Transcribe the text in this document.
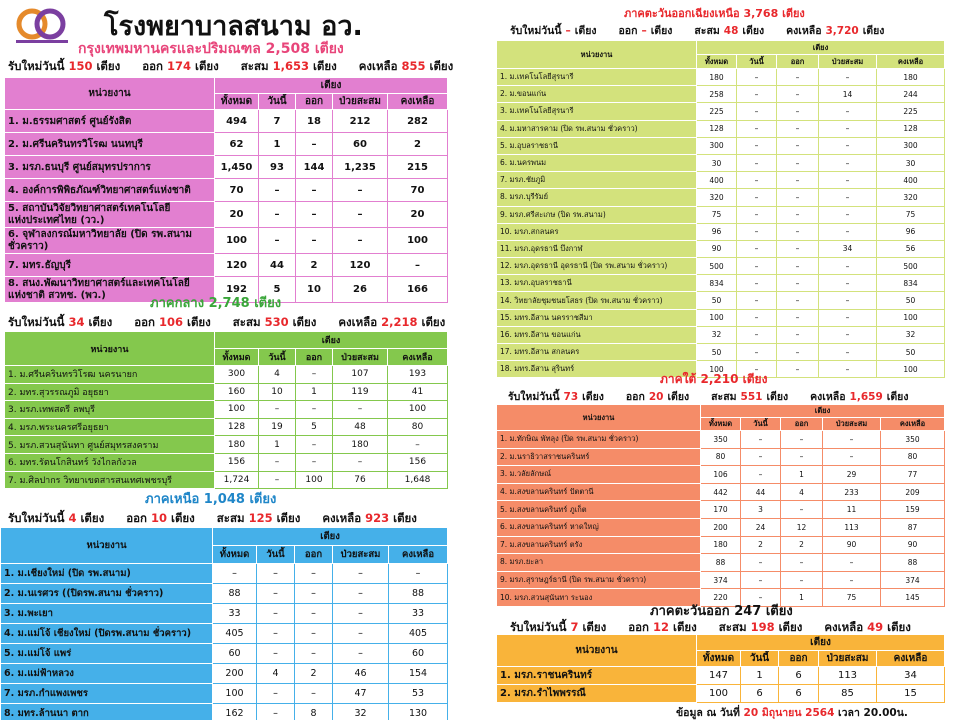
โรงพยาบาลสนาม อว.
กรุงเทพมหานครและปริมณฑล 2,508 เตียง
รับใหม่วันนี้ 150 เตียง ออก 174 เตียง สะสม 1,653 เตียง คงเหลือ 855 เตียง
หน่วยงาน	เตียง				
	ทั้งหมด	วันนี้	ออก	ป่วยสะสม	คงเหลือ
1. ม.ธรรมศาสตร์ ศูนย์รังสิต	494	7	18	212	282
2. ม.ศรีนครินทรวิโรฒ นนทบุรี	62	1	–	60	2
3. มรภ.ธนบุรี ศูนย์สมุทรปราการ	1,450	93	144	1,235	215
4. องค์การพิพิธภัณฑ์วิทยาศาสตร์แห่งชาติ	70	–	–	–	70
5. สถาบันวิจัยวิทยาศาสตร์เทคโนโลยี
แห่งประเทศไทย (วว.)	20	–	–	–	20
6. จุฬาลงกรณ์มหาวิทยาลัย (ปิด รพ.สนาม
ชั่วคราว)	100	–	–	–	100
7. มทร.ธัญบุรี	120	44	2	120	–
8. สนง.พัฒนาวิทยาศาสตร์และเทคโนโลยี
แห่งชาติ สวทช. (พว.)	192	5	10	26	166
ภาคกลาง 2,748 เตียง
รับใหม่วันนี้ 34 เตียง ออก 106 เตียง สะสม 530 เตียง คงเหลือ 2,218 เตียง
หน่วยงาน	เตียง				
	ทั้งหมด	วันนี้	ออก	ป่วยสะสม	คงเหลือ
1. ม.ศรีนครินทรวิโรฒ นครนายก	300	4	–	107	193
2. มทร.สุวรรณภูมิ อยุธยา	160	10	1	119	41
3. มรภ.เทพสตรี ลพบุรี	100	–	–	–	100
4. มรภ.พระนครศรีอยุธยา	128	19	5	48	80
5. มรภ.สวนสุนันทา ศูนย์สมุทรสงคราม	180	1	–	180	–
6. มทร.รัตนโกสินทร์ วังไกลกังวล	156	–	–	–	156
7. ม.ศิลปากร วิทยาเขตสารสนเทศเพชรบุรี	1,724	–	100	76	1,648
ภาคเหนือ 1,048 เตียง
รับใหม่วันนี้ 4 เตียง ออก 10 เตียง สะสม 125 เตียง คงเหลือ 923 เตียง
หน่วยงาน	เตียง				
	ทั้งหมด	วันนี้	ออก	ป่วยสะสม	คงเหลือ
1. ม.เชียงใหม่ (ปิด รพ.สนาม)	–	–	–	–	–
2. ม.นเรศวร ((ปิดรพ.สนาม ชั่วคราว)	88	–	–	–	88
3. ม.พะเยา	33	–	–	–	33
4. ม.แม่โจ้ เชียงใหม่ (ปิดรพ.สนาม ชั่วคราว)	405	–	–	–	405
5. ม.แม่โจ้ แพร่	60	–	–	–	60
6. ม.แม่ฟ้าหลวง	200	4	2	46	154
7. มรภ.กำแพงเพชร	100	–	–	47	53
8. มทร.ล้านนา ตาก	162	–	8	32	130
ภาคตะวันออกเฉียงเหนือ 3,768 เตียง
รับใหม่วันนี้ – เตียง ออก – เตียง สะสม 48 เตียง คงเหลือ 3,720 เตียง
หน่วยงาน	เตียง				
	ทั้งหมด	วันนี้	ออก	ป่วยสะสม	คงเหลือ
1. ม.เทคโนโลยีสุรนารี	180	–	–	–	180
2. ม.ขอนแก่น	258	–	–	14	244
3. ม.เทคโนโลยีสุรนารี	225	–	–	–	225
4. ม.มหาสารคาม (ปิด รพ.สนาม ชั่วคราว)	128	–	–	–	128
5. ม.อุบลราชธานี	300	–	–	–	300
6. ม.นครพนม	30	–	–	–	30
7. มรภ.ชัยภูมิ	400	–	–	–	400
8. มรภ.บุรีรัมย์	320	–	–	–	320
9. มรภ.ศรีสะเกษ (ปิด รพ.สนาม)	75	–	–	–	75
10. มรภ.สกลนคร	96	–	–	–	96
11. มรภ.อุดรธานี บึงกาฬ	90	–	–	34	56
12. มรภ.อุดรธานี อุดรธานี (ปิด รพ.สนาม ชั่วคราว)	500	–	–	–	500
13. มรภ.อุบลราชธานี	834	–	–	–	834
14. วิทยาลัยชุมชนยโสธร (ปิด รพ.สนาม ชั่วคราว)	50	–	–	–	50
15. มทร.อีสาน นครราชสีมา	100	–	–	–	100
16. มทร.อีสาน ขอนแก่น	32	–	–	–	32
17. มทร.อีสาน สกลนคร	50	–	–	–	50
18. มทร.อีสาน สุรินทร์	100	–	–	–	100
ภาคใต้ 2,210 เตียง
รับใหม่วันนี้ 73 เตียง ออก 20 เตียง สะสม 551 เตียง คงเหลือ 1,659 เตียง
หน่วยงาน	เตียง				
	ทั้งหมด	วันนี้	ออก	ป่วยสะสม	คงเหลือ
1. ม.ทักษิณ พัทลุง (ปิด รพ.สนาม ชั่วคราว)	350	–	–	–	350
2. ม.นราธิวาสราชนครินทร์	80	–	–	–	80
3. ม.วลัยลักษณ์	106	–	1	29	77
4. ม.สงขลานครินทร์ ปัตตานี	442	44	4	233	209
5. ม.สงขลานครินทร์ ภูเก็ต	170	3	–	11	159
6. ม.สงขลานครินทร์ หาดใหญ่	200	24	12	113	87
7. ม.สงขลานครินทร์ ตรัง	180	2	2	90	90
8. มรภ.ยะลา	88	–	–	–	88
9. มรภ.สุราษฎร์ธานี (ปิด รพ.สนาม ชั่วคราว)	374	–	–	–	374
10. มรภ.สวนสุนันทา ระนอง	220	–	1	75	145
ภาคตะวันออก 247 เตียง
รับใหม่วันนี้ 7 เตียง ออก 12 เตียง สะสม 198 เตียง คงเหลือ 49 เตียง
หน่วยงาน	เตียง				
	ทั้งหมด	วันนี้	ออก	ป่วยสะสม	คงเหลือ
1. มรภ.ราชนครินทร์	147	1	6	113	34
2. มรภ.รำไพพรรณี	100	6	6	85	15
ข้อมูล ณ วันที่ 20 มิถุนายน 2564 เวลา 20.00น.
